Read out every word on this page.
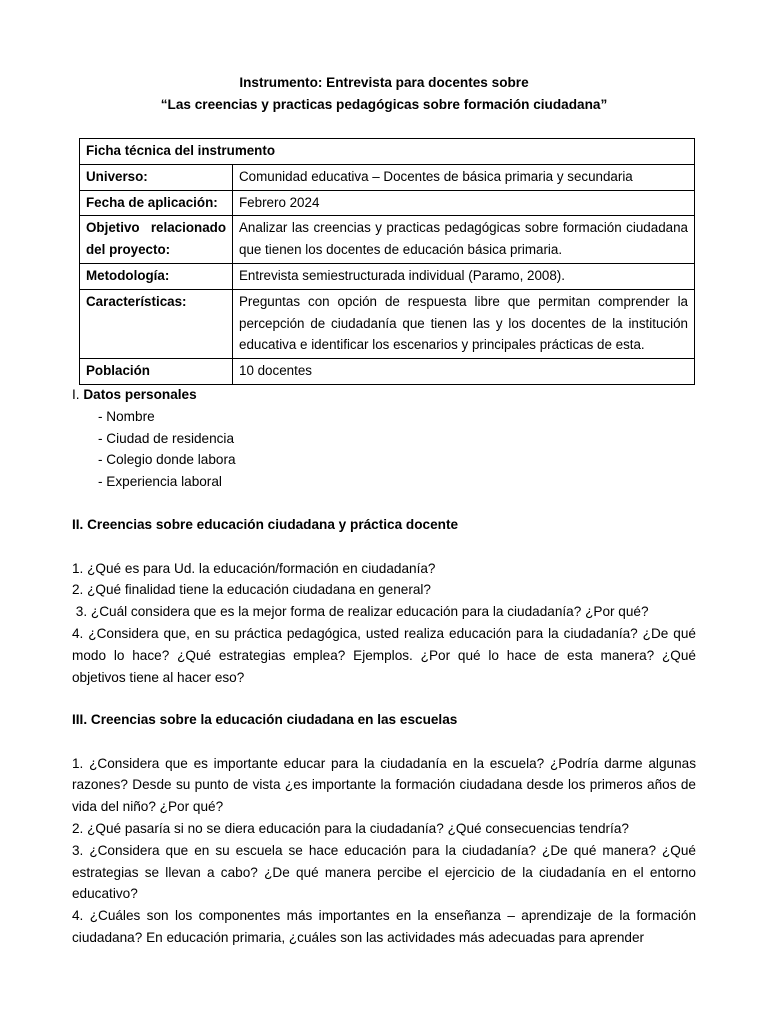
Instrumento: Entrevista para docentes sobre
“Las creencias y practicas pedagógicas sobre formación ciudadana”
Ficha técnica del instrumento	
Universo:	Comunidad educativa – Docentes de básica primaria y secundaria
Fecha de aplicación:	Febrero 2024
Objetivo relacionado del proyecto:	Analizar las creencias y practicas pedagógicas sobre formación ciudadana que tienen los docentes de educación básica primaria.
Metodología:	Entrevista semiestructurada individual (Paramo, 2008).
Características:	Preguntas con opción de respuesta libre que permitan comprender la percepción de ciudadanía que tienen las y los docentes de la institución educativa e identificar los escenarios y principales prácticas de esta.
Población	10 docentes
I. Datos personales
- Nombre
- Ciudad de residencia
- Colegio donde labora
- Experiencia laboral
II. Creencias sobre educación ciudadana y práctica docente
1. ¿Qué es para Ud. la educación/formación en ciudadanía?
2. ¿Qué finalidad tiene la educación ciudadana en general?
3. ¿Cuál considera que es la mejor forma de realizar educación para la ciudadanía? ¿Por qué?
4. ¿Considera que, en su práctica pedagógica, usted realiza educación para la ciudadanía? ¿De qué modo lo hace? ¿Qué estrategias emplea? Ejemplos. ¿Por qué lo hace de esta manera? ¿Qué objetivos tiene al hacer eso?
III. Creencias sobre la educación ciudadana en las escuelas
1. ¿Considera que es importante educar para la ciudadanía en la escuela? ¿Podría darme algunas razones? Desde su punto de vista ¿es importante la formación ciudadana desde los primeros años de vida del niño? ¿Por qué?
2. ¿Qué pasaría si no se diera educación para la ciudadanía? ¿Qué consecuencias tendría?
3. ¿Considera que en su escuela se hace educación para la ciudadanía? ¿De qué manera? ¿Qué estrategias se llevan a cabo? ¿De qué manera percibe el ejercicio de la ciudadanía en el entorno educativo?
4. ¿Cuáles son los componentes más importantes en la enseñanza – aprendizaje de la formación ciudadana? En educación primaria, ¿cuáles son las actividades más adecuadas para aprender
